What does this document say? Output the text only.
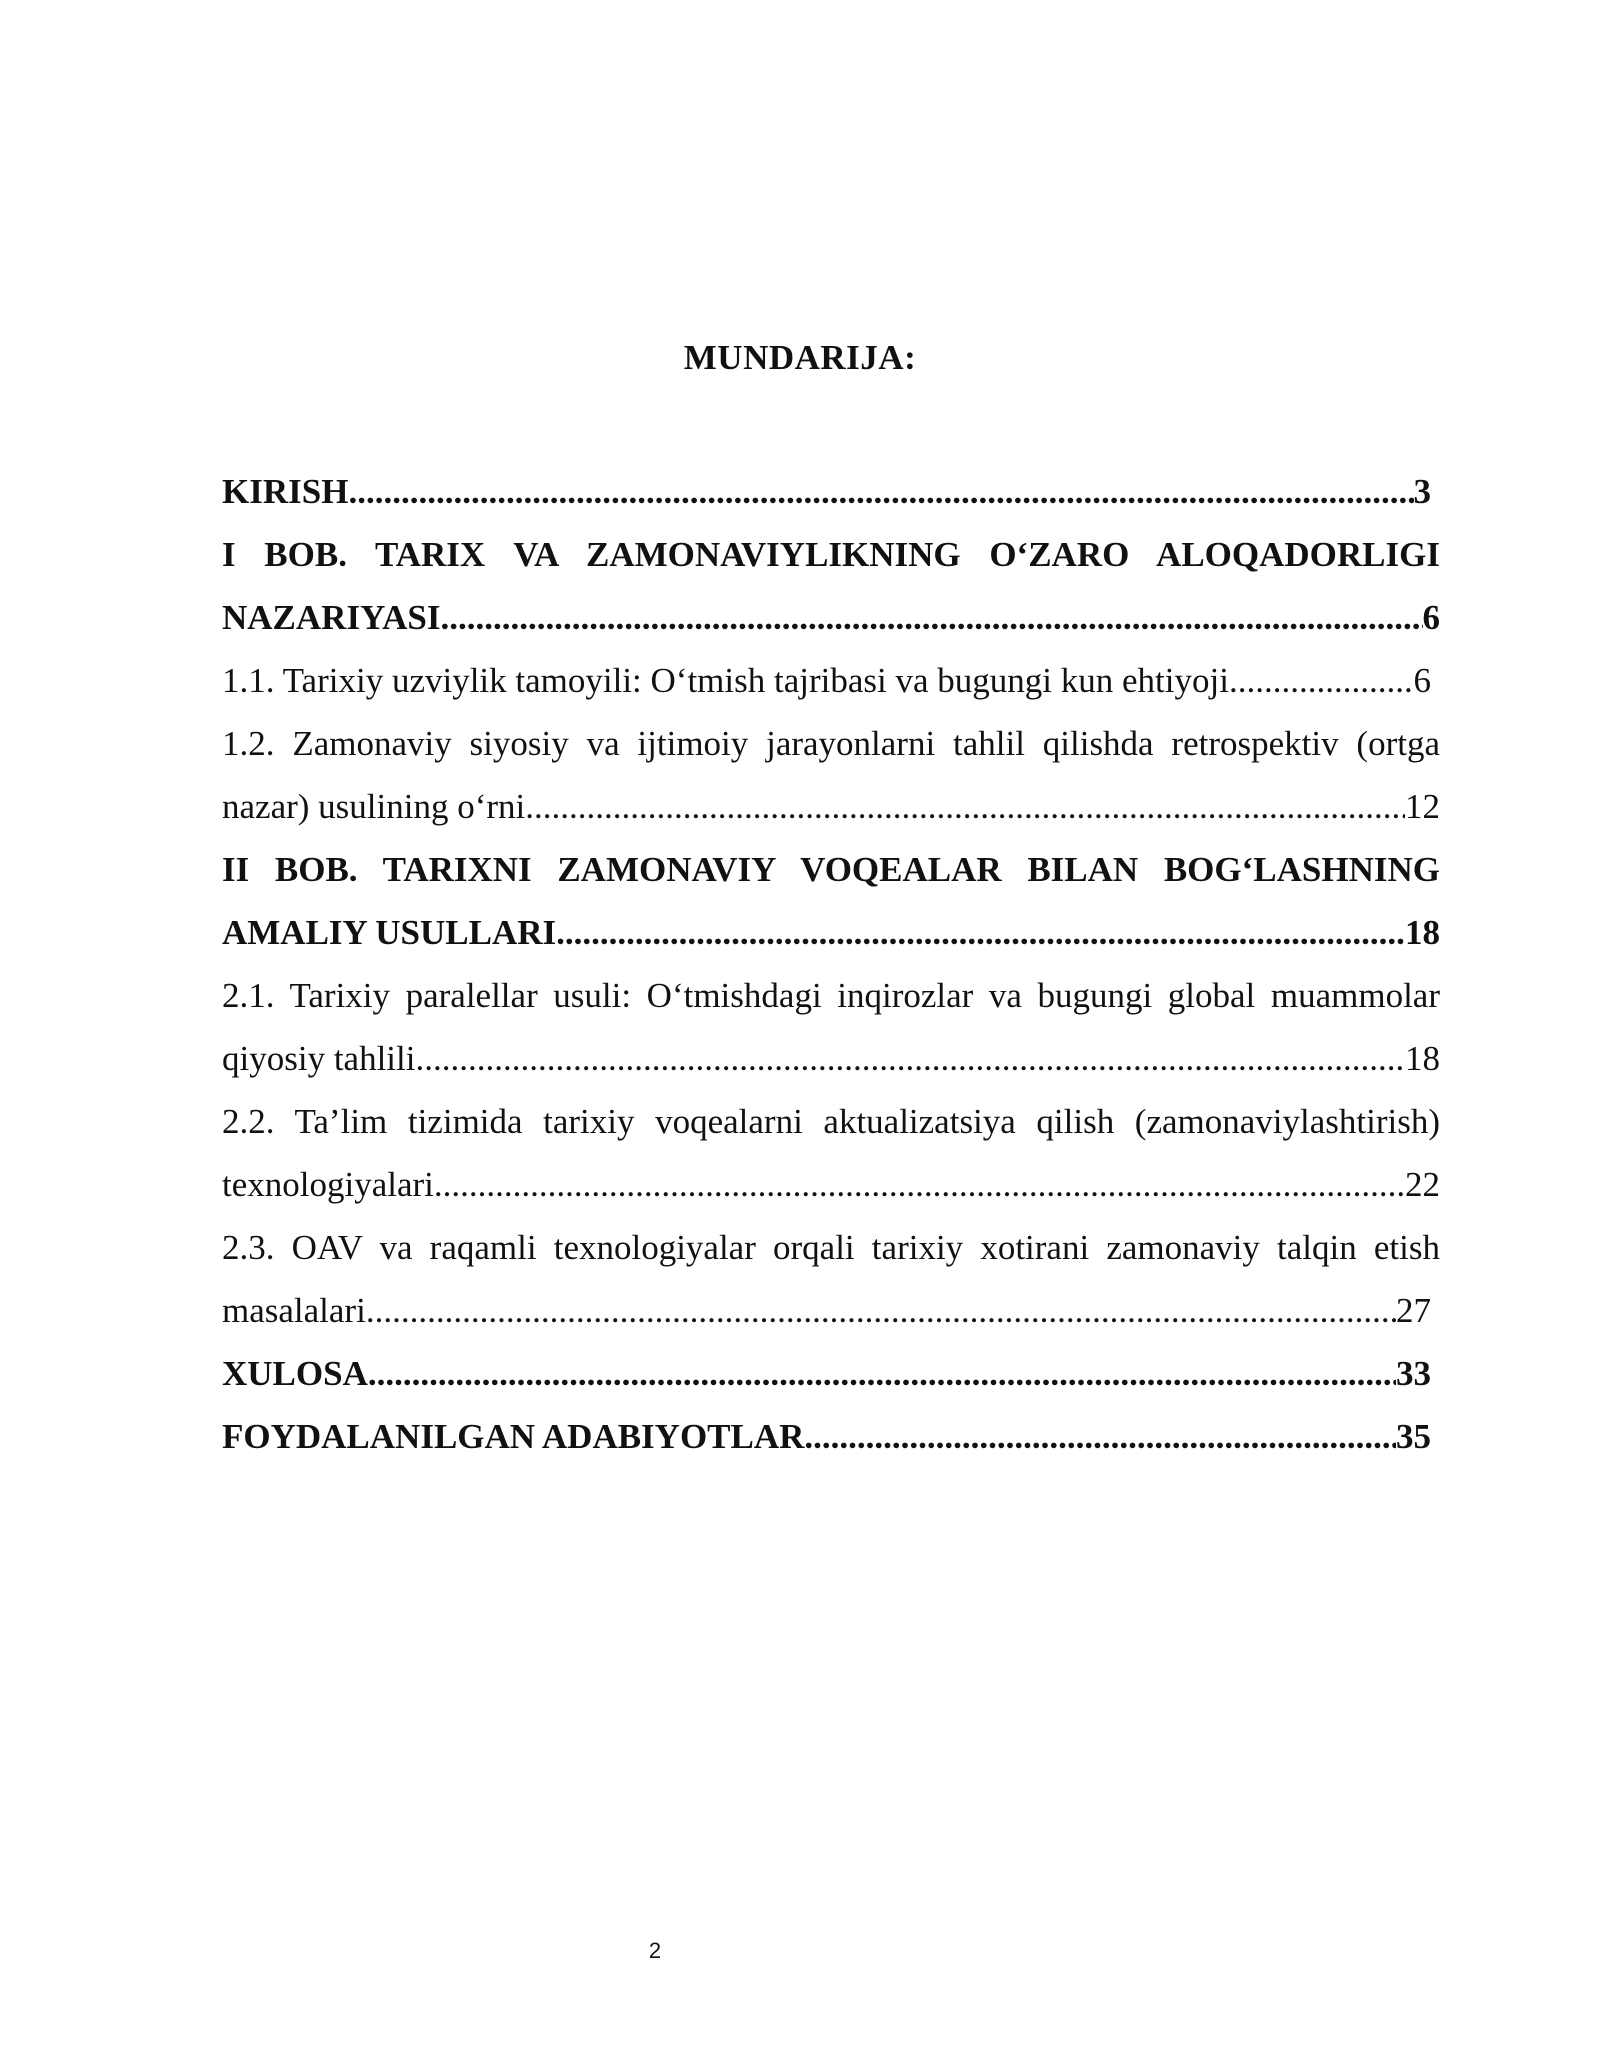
MUNDARIJA:
KIRISH .....	3
I BOB. TARIX VA ZAMONAVIYLIKNING O‘ZARO ALOQADORLIGI
NAZARIYASI .....	6
1.1. Tarixiy uzviylik tamoyili: O‘tmish tajribasi va bugungi kun ehtiyoji .....	6
1.2. Zamonaviy siyosiy va ijtimoiy jarayonlarni tahlil qilishda retrospektiv (ortga
nazar) usulining o‘rni .....	12
II BOB. TARIXNI ZAMONAVIY VOQEALAR BILAN BOG‘LASHNING
AMALIY USULLARI .....	18
2.1. Tarixiy paralellar usuli: O‘tmishdagi inqirozlar va bugungi global muammolar
qiyosiy tahlili .....	18
2.2. Ta’lim tizimida tarixiy voqealarni aktualizatsiya qilish (zamonaviylashtirish)
texnologiyalari .....	22
2.3. OAV va raqamli texnologiyalar orqali tarixiy xotirani zamonaviy talqin etish
masalalari .....	27
XULOSA .....	33
FOYDALANILGAN ADABIYOTLAR .....	35
2
